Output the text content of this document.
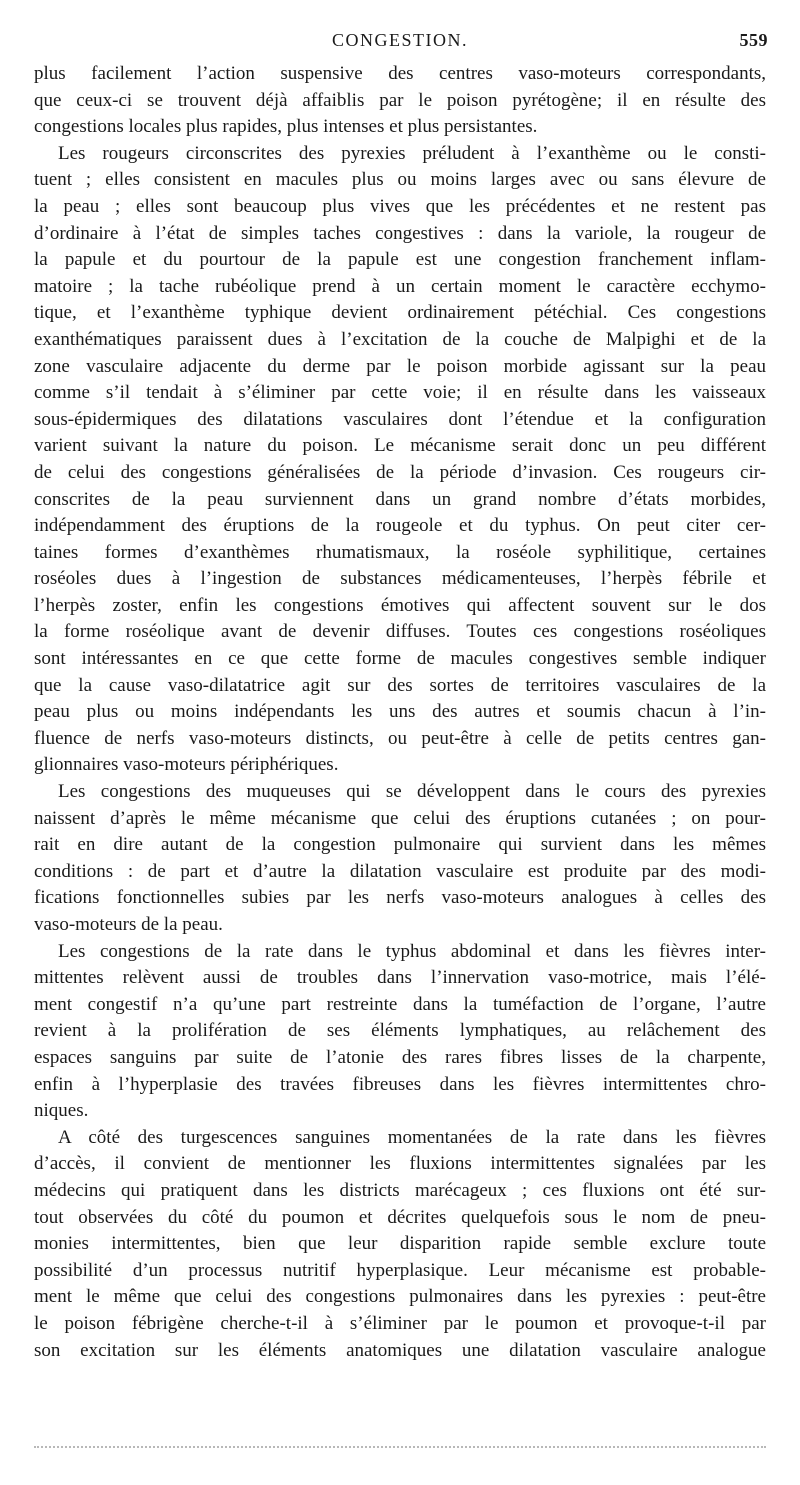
CONGESTION.	559
plus facilement l’action suspensive des centres vaso-moteurs correspondants,
que ceux-ci se trouvent déjà affaiblis par le poison pyrétogène; il en résulte des
congestions locales plus rapides, plus intenses et plus persistantes.
Les rougeurs circonscrites des pyrexies préludent à l’exanthème ou le consti-
tuent ; elles consistent en macules plus ou moins larges avec ou sans élevure de
la peau ; elles sont beaucoup plus vives que les précédentes et ne restent pas
d’ordinaire à l’état de simples taches congestives : dans la variole, la rougeur de
la papule et du pourtour de la papule est une congestion franchement inflam-
matoire ; la tache rubéolique prend à un certain moment le caractère ecchymo-
tique, et l’exanthème typhique devient ordinairement pétéchial. Ces congestions
exanthématiques paraissent dues à l’excitation de la couche de Malpighi et de la
zone vasculaire adjacente du derme par le poison morbide agissant sur la peau
comme s’il tendait à s’éliminer par cette voie; il en résulte dans les vaisseaux
sous-épidermiques des dilatations vasculaires dont l’étendue et la configuration
varient suivant la nature du poison. Le mécanisme serait donc un peu différent
de celui des congestions généralisées de la période d’invasion. Ces rougeurs cir-
conscrites de la peau surviennent dans un grand nombre d’états morbides,
indépendamment des éruptions de la rougeole et du typhus. On peut citer cer-
taines formes d’exanthèmes rhumatismaux, la roséole syphilitique, certaines
roséoles dues à l’ingestion de substances médicamenteuses, l’herpès fébrile et
l’herpès zoster, enfin les congestions émotives qui affectent souvent sur le dos
la forme roséolique avant de devenir diffuses. Toutes ces congestions roséoliques
sont intéressantes en ce que cette forme de macules congestives semble indiquer
que la cause vaso-dilatatrice agit sur des sortes de territoires vasculaires de la
peau plus ou moins indépendants les uns des autres et soumis chacun à l’in-
fluence de nerfs vaso-moteurs distincts, ou peut-être à celle de petits centres gan-
glionnaires vaso-moteurs périphériques.
Les congestions des muqueuses qui se développent dans le cours des pyrexies
naissent d’après le même mécanisme que celui des éruptions cutanées ; on pour-
rait en dire autant de la congestion pulmonaire qui survient dans les mêmes
conditions : de part et d’autre la dilatation vasculaire est produite par des modi-
fications fonctionnelles subies par les nerfs vaso-moteurs analogues à celles des
vaso-moteurs de la peau.
Les congestions de la rate dans le typhus abdominal et dans les fièvres inter-
mittentes relèvent aussi de troubles dans l’innervation vaso-motrice, mais l’élé-
ment congestif n’a qu’une part restreinte dans la tuméfaction de l’organe, l’autre
revient à la prolifération de ses éléments lymphatiques, au relâchement des
espaces sanguins par suite de l’atonie des rares fibres lisses de la charpente,
enfin à l’hyperplasie des travées fibreuses dans les fièvres intermittentes chro-
niques.
A côté des turgescences sanguines momentanées de la rate dans les fièvres
d’accès, il convient de mentionner les fluxions intermittentes signalées par les
médecins qui pratiquent dans les districts marécageux ; ces fluxions ont été sur-
tout observées du côté du poumon et décrites quelquefois sous le nom de pneu-
monies intermittentes, bien que leur disparition rapide semble exclure toute
possibilité d’un processus nutritif hyperplasique. Leur mécanisme est probable-
ment le même que celui des congestions pulmonaires dans les pyrexies : peut-être
le poison fébrigène cherche-t-il à s’éliminer par le poumon et provoque-t-il par
son excitation sur les éléments anatomiques une dilatation vasculaire analogue
